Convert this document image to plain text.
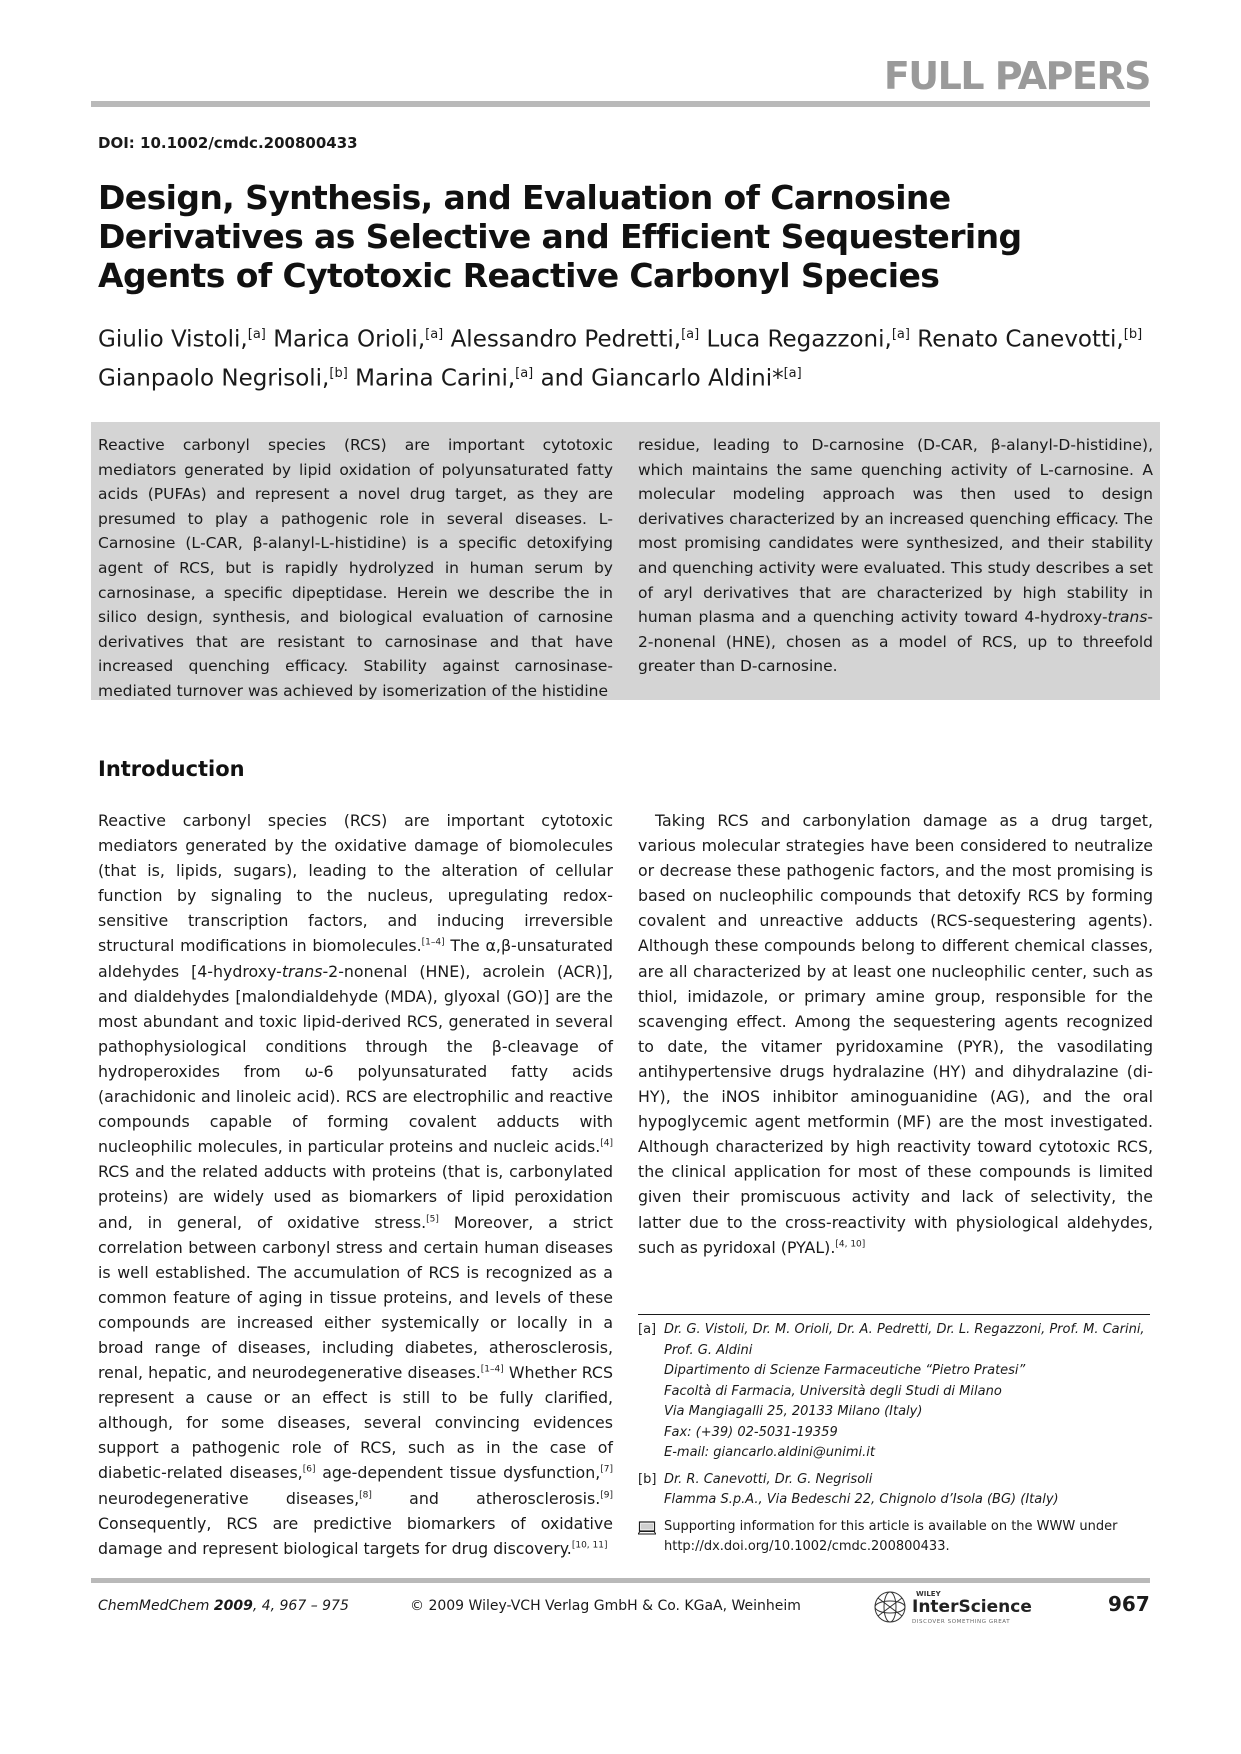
FULL PAPERS
DOI: 10.1002/cmdc.200800433
Design, Synthesis, and Evaluation of Carnosine Derivatives as Selective and Efficient Sequestering Agents of Cytotoxic Reactive Carbonyl Species
Giulio Vistoli,[a] Marica Orioli,[a] Alessandro Pedretti,[a] Luca Regazzoni,[a] Renato Canevotti,[b]
Gianpaolo Negrisoli,[b] Marina Carini,[a] and Giancarlo Aldini*[a]
Reactive carbonyl species (RCS) are important cytotoxic mediators generated by lipid oxidation of polyunsaturated fatty acids (PUFAs) and represent a novel drug target, as they are presumed to play a pathogenic role in several diseases. L-Carnosine (L-CAR, β-alanyl-L-histidine) is a specific detoxifying agent of RCS, but is rapidly hydrolyzed in human serum by carnosinase, a specific dipeptidase. Herein we describe the in silico design, synthesis, and biological evaluation of carnosine derivatives that are resistant to carnosinase and that have increased quenching efficacy. Stability against carnosinase-mediated turnover was achieved by isomerization of the histidine
residue, leading to D-carnosine (D-CAR, β-alanyl-D-histidine), which maintains the same quenching activity of L-carnosine. A molecular modeling approach was then used to design derivatives characterized by an increased quenching efficacy. The most promising candidates were synthesized, and their stability and quenching activity were evaluated. This study describes a set of aryl derivatives that are characterized by high stability in human plasma and a quenching activity toward 4-hydroxy-trans-2-nonenal (HNE), chosen as a model of RCS, up to threefold greater than D-carnosine.
Introduction
Reactive carbonyl species (RCS) are important cytotoxic mediators generated by the oxidative damage of biomolecules (that is, lipids, sugars), leading to the alteration of cellular function by signaling to the nucleus, upregulating redox-sensitive transcription factors, and inducing irreversible structural modifications in biomolecules.[1–4] The α,β-unsaturated aldehydes [4-hydroxy-trans-2-nonenal (HNE), acrolein (ACR)], and dialdehydes [malondialdehyde (MDA), glyoxal (GO)] are the most abundant and toxic lipid-derived RCS, generated in several pathophysiological conditions through the β-cleavage of hydroperoxides from ω-6 polyunsaturated fatty acids (arachidonic and linoleic acid). RCS are electrophilic and reactive compounds capable of forming covalent adducts with nucleophilic molecules, in particular proteins and nucleic acids.[4] RCS and the related adducts with proteins (that is, carbonylated proteins) are widely used as biomarkers of lipid peroxidation and, in general, of oxidative stress.[5] Moreover, a strict correlation between carbonyl stress and certain human diseases is well established. The accumulation of RCS is recognized as a common feature of aging in tissue proteins, and levels of these compounds are increased either systemically or locally in a broad range of diseases, including diabetes, atherosclerosis, renal, hepatic, and neurodegenerative diseases.[1–4] Whether RCS represent a cause or an effect is still to be fully clarified, although, for some diseases, several convincing evidences support a pathogenic role of RCS, such as in the case of diabetic-related diseases,[6] age-dependent tissue dysfunction,[7] neurodegenerative diseases,[8] and atherosclerosis.[9] Consequently, RCS are predictive biomarkers of oxidative damage and represent biological targets for drug discovery.[10, 11]
Taking RCS and carbonylation damage as a drug target, various molecular strategies have been considered to neutralize or decrease these pathogenic factors, and the most promising is based on nucleophilic compounds that detoxify RCS by forming covalent and unreactive adducts (RCS-sequestering agents). Although these compounds belong to different chemical classes, are all characterized by at least one nucleophilic center, such as thiol, imidazole, or primary amine group, responsible for the scavenging effect. Among the sequestering agents recognized to date, the vitamer pyridoxamine (PYR), the vasodilating antihypertensive drugs hydralazine (HY) and dihydralazine (di-HY), the iNOS inhibitor aminoguanidine (AG), and the oral hypoglycemic agent metformin (MF) are the most investigated. Although characterized by high reactivity toward cytotoxic RCS, the clinical application for most of these compounds is limited given their promiscuous activity and lack of selectivity, the latter due to the cross-reactivity with physiological aldehydes, such as pyridoxal (PYAL).[4, 10]
[a] Dr. G. Vistoli, Dr. M. Orioli, Dr. A. Pedretti, Dr. L. Regazzoni, Prof. M. Carini,
Prof. G. Aldini
Dipartimento di Scienze Farmaceutiche “Pietro Pratesi”
Facoltà di Farmacia, Università degli Studi di Milano
Via Mangiagalli 25, 20133 Milano (Italy)
Fax: (+39) 02-5031-19359
E-mail: giancarlo.aldini@unimi.it
[b] Dr. R. Canevotti, Dr. G. Negrisoli
Flamma S.p.A., Via Bedeschi 22, Chignolo d’Isola (BG) (Italy)
Supporting information for this article is available on the WWW under
http://dx.doi.org/10.1002/cmdc.200800433.
ChemMedChem 2009, 4, 967 – 975	© 2009 Wiley-VCH Verlag GmbH & Co. KGaA, Weinheim
WILEY
InterScience
DISCOVER SOMETHING GREAT
967
